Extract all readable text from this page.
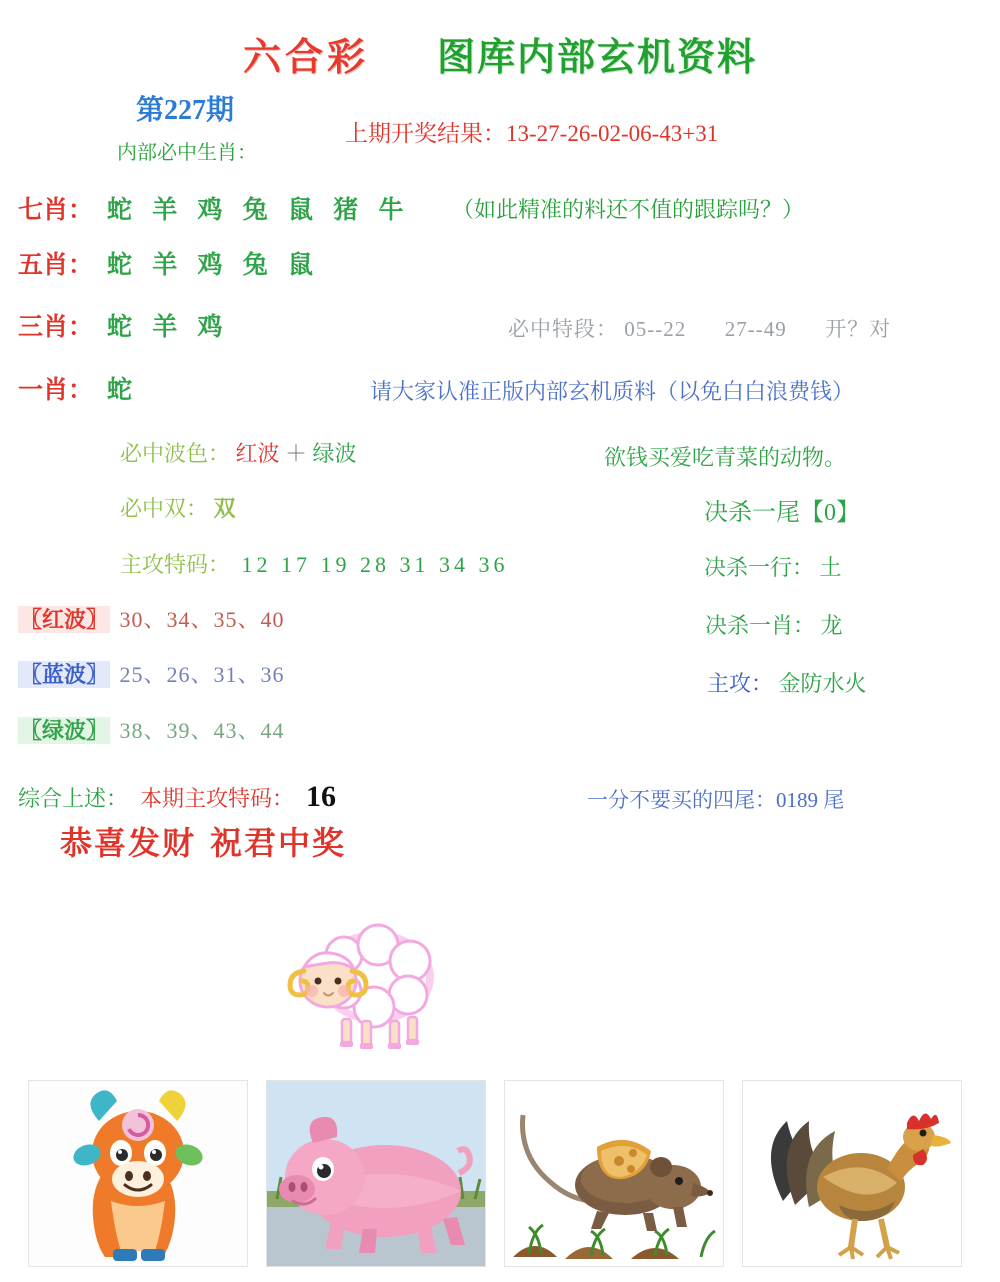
六合彩 图库内部玄机资料
第227期
上期开奖结果：13-27-26-02-06-43+31
内部必中生肖：
七肖： 蛇 羊 鸡 兔 鼠 猪 牛
五肖： 蛇 羊 鸡 兔 鼠
三肖： 蛇 羊 鸡
一肖： 蛇
（如此精准的料还不值的跟踪吗？）
必中特段： 05--22 27--49 开？对
请大家认准正版内部玄机质料（以免白白浪费钱）
必中波色： 红波 ＋ 绿波
必中双： 双
主攻特码： 12 17 19 28 31 34 36
〖红波〗 30、34、35、40
〖蓝波〗 25、26、31、36
〖绿波〗 38、39、43、44
综合上述： 本期主攻特码： 16
恭喜发财 祝君中奖
欲钱买爱吃青菜的动物。
决杀一尾【0】
决杀一行： 土
决杀一肖： 龙
主攻： 金防水火
一分不要买的四尾：0189 尾
